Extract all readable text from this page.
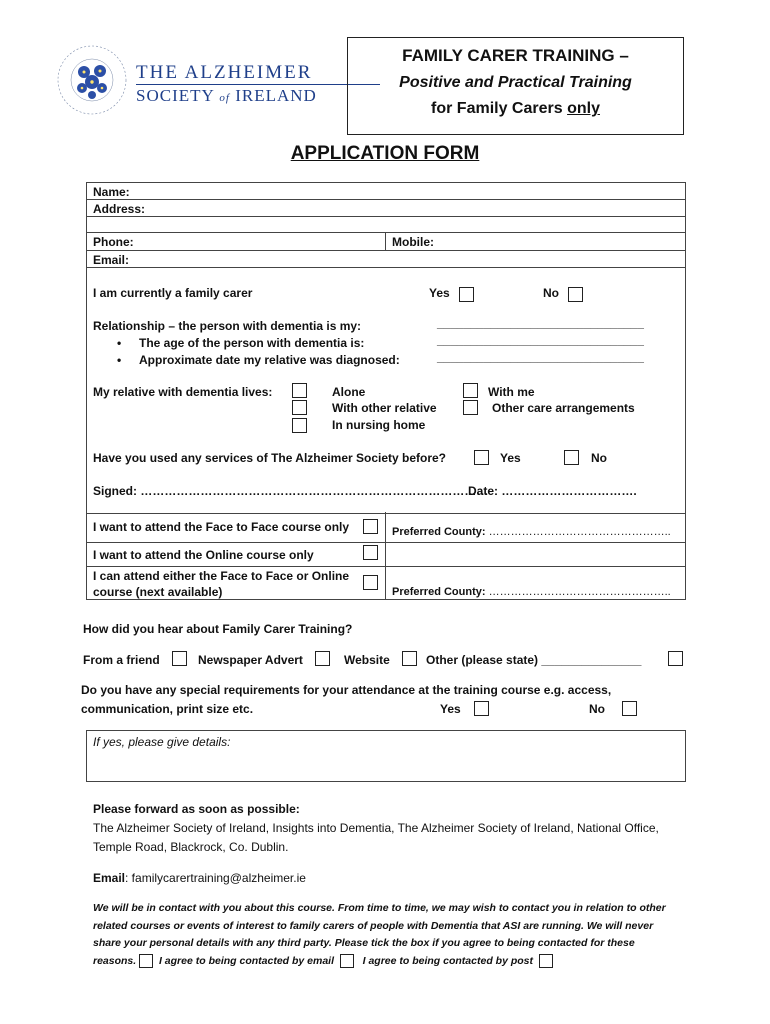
THE ALZHEIMER
SOCIETY of IRELAND
FAMILY CARER TRAINING –
Positive and Practical Training
for Family Carers only
APPLICATION FORM
Name:
Address:
Phone:	Mobile:
Email:
I am currently a family carer	Yes	No
Relationship – the person with dementia is my:	_______________________________
• The age of the person with dementia is:	_______________________________
• Approximate date my relative was diagnosed:	_______________________________
My relative with dementia lives:	Alone	With me
With other relative	Other care arrangements
In nursing home
Have you used any services of The Alzheimer Society before?	Yes	No
Signed: ……………………………………………………………………………
Date: …………………………….
I want to attend the Face to Face course only	Preferred County: …………………………………………..
I want to attend the Online course only
I can attend either the Face to Face or Online
course (next available)	Preferred County: …………………………………………..
How did you hear about Family Carer Training?
From a friend	Newspaper Advert	Website	Other (please state) _______________
Do you have any special requirements for your attendance at the training course e.g. access,
communication, print size etc.	Yes	No
If yes, please give details:
Please forward as soon as possible:
The Alzheimer Society of Ireland, Insights into Dementia, The Alzheimer Society of Ireland, National Office,
Temple Road, Blackrock, Co. Dublin.
Email: familycarertraining@alzheimer.ie
We will be in contact with you about this course. From time to time, we may wish to contact you in relation to other
related courses or events of interest to family carers of people with Dementia that ASI are running. We will never
share your personal details with any third party. Please tick the box if you agree to being contacted for these
reasons. I agree to being contacted by email	I agree to being contacted by post
